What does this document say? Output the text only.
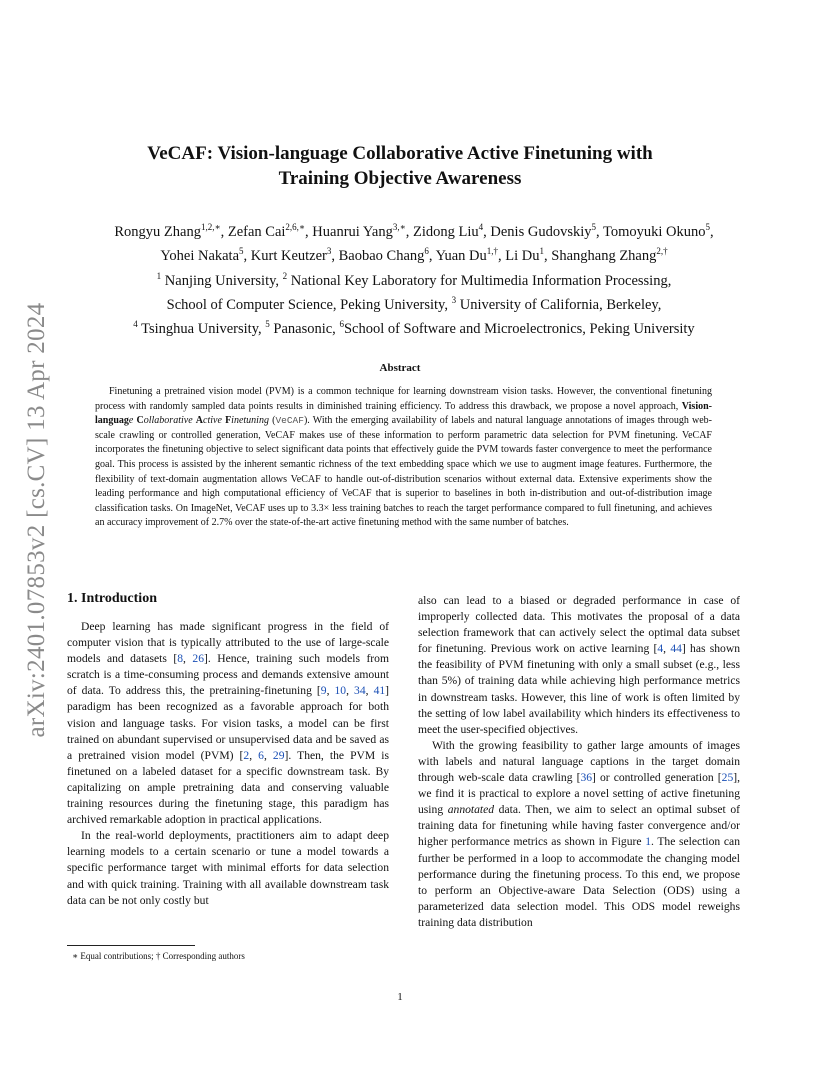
arXiv:2401.07853v2 [cs.CV] 13 Apr 2024
VeCAF: Vision-language Collaborative Active Finetuning with
Training Objective Awareness
Rongyu Zhang$^{1,2,∗}$, Zefan Cai$^{2,6,∗}$, Huanrui Yang$^{3,∗}$, Zidong Liu$^4$, Denis Gudovskiy$^5$, Tomoyuki Okuno$^5$,
Yohei Nakata$^5$, Kurt Keutzer$^3$, Baobao Chang$^6$, Yuan $Du^{1,\dagger}$, Li Du$^1$, Shanghang Zhang$^{2,\dagger}$
$^1$ Nanjing University, $^2$ National Key Laboratory for Multimedia Information Processing,
School of Computer Science, Peking University, $^3$ University of California, Berkeley,
$^4$ Tsinghua University, $^5$ Panasonic, $^6$School of Software and Microelectronics, Peking University
Abstract

Finetuning a pretrained vision model (PVM) is a common technique for learning downstream vision tasks. However, the conventional finetuning process with randomly sampled data points results in diminished training efficiency. To address this drawback, we propose a novel approach, Vision-language Collaborative Active Finetuning (VeCAF). With the emerging availability of labels and natural language annotations of images through web-scale crawling or controlled generation, VeCAF makes use of these information to perform parametric data selection for PVM finetuning. VeCAF incorporates the finetuning objective to select significant data points that effectively guide the PVM towards faster convergence to meet the performance goal. This process is assisted by the inherent semantic richness of the text embedding space which we use to augment image features. Furthermore, the flexibility of text-domain augmentation allows VeCAF to handle out-of-distribution scenarios without external data. Extensive experiments show the leading performance and high computational efficiency of VeCAF that is superior to baselines in both in-distribution and out-of-distribution image classification tasks. On ImageNet, VeCAF uses up to 3.3× less training batches to reach the target performance compared to full finetuning, and achieves an accuracy improvement of 2.7% over the state-of-the-art active finetuning method with the same number of batches.

1. Introduction

Deep learning has made significant progress in the field of computer vision that is typically attributed to the use of large-scale models and datasets [8, 26]. Hence, training such models from scratch is a time-consuming process and demands extensive amount of data. To address this, the pretraining-finetuning [9, 10, 34, 41] paradigm has been recognized as a favorable approach for both vision and language tasks. For vision tasks, a model can be first trained on abundant supervised or unsupervised data and be saved as a pretrained vision model (PVM) [2, 6, 29]. Then, the PVM is finetuned on a labeled dataset for a specific downstream task. By capitalizing on ample pretraining data and conserving valuable training resources during the finetuning stage, this paradigm has archived remarkable adoption in practical applications.

In the real-world deployments, practitioners aim to adapt deep learning models to a certain scenario or tune a model towards a specific performance target with minimal efforts for data selection and with quick training. Training with all available downstream task data can be not only costly but

also can lead to a biased or degraded performance in case of improperly collected data. This motivates the proposal of a data selection framework that can actively select the optimal data subset for finetuning. Previous work on active learning [4, 44] has shown the feasibility of PVM finetuning with only a small subset (e.g., less than 5%) of training data while achieving high performance metrics in downstream tasks. However, this line of work is often limited by the setting of low label availability which hinders its effectiveness to meet the user-specified objectives.

With the growing feasibility to gather large amounts of images with labels and natural language captions in the target domain through web-scale data crawling [36] or controlled generation [25], we find it is practical to explore a novel setting of active finetuning using annotated data. Then, we aim to select an optimal subset of training data for finetuning while having faster convergence and/or higher performance metrics as shown in Figure 1. The selection can further be performed in a loop to accommodate the changing model performance during the finetuning process. To this end, we propose to perform an Objective-aware Data Selection (ODS) using a parameterized data selection model. This ODS model reweighs training data distribution

∗ Equal contributions; † Corresponding authors
1
